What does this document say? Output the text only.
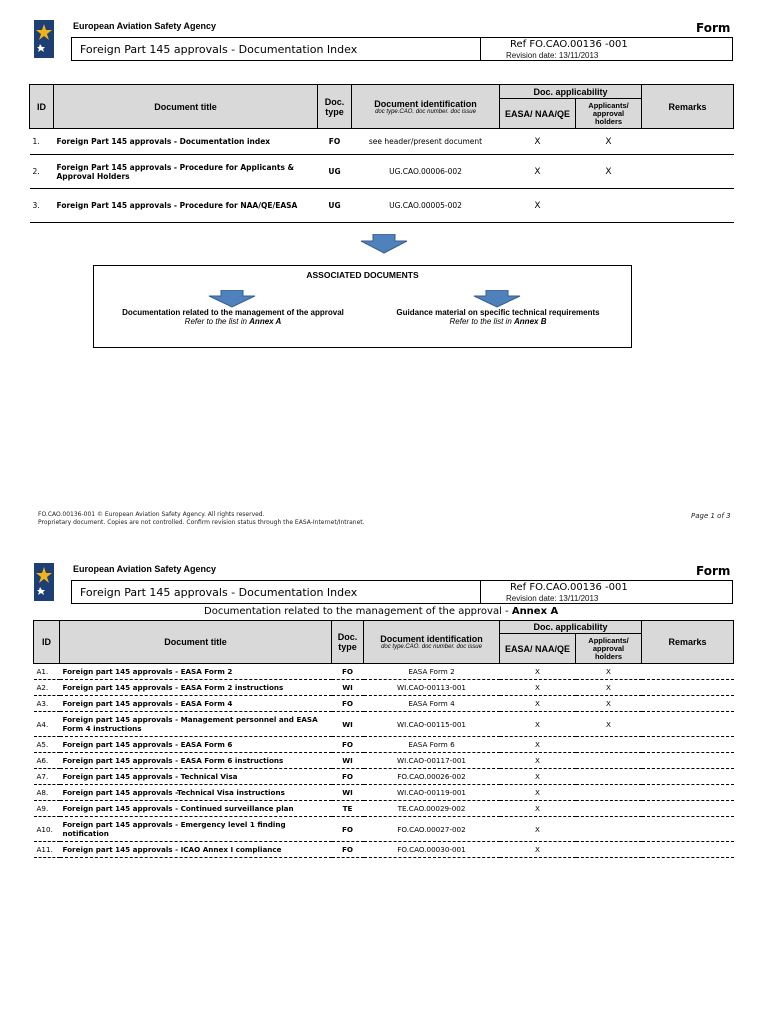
European Aviation Safety Agency	Form
Foreign Part 145 approvals - Documentation Index	Ref FO.CAO.00136 -001
Revision date: 13/11/2013
ID	Document title	Doc.
type	Document identification
doc type.CAO. doc number. doc issue	Doc. applicability		Remarks
				EASA/ NAA/QE	Applicants/
approval
holders	
1.	Foreign Part 145 approvals - Documentation index	FO	see header/present document	X	X	
2.	Foreign Part 145 approvals - Procedure for Applicants & Approval Holders	UG	UG.CAO.00006-002	X	X	
3.	Foreign Part 145 approvals - Procedure for NAA/QE/EASA	UG	UG.CAO.00005-002	X		
ASSOCIATED DOCUMENTS
Documentation related to the management of the approval
Refer to the list in Annex A
Guidance material on specific technical requirements
Refer to the list in Annex B
FO.CAO.00136-001 © European Aviation Safety Agency. All rights reserved.
Proprietary document. Copies are not controlled. Confirm revision status through the EASA-Internet/Intranet.
Page 1 of 3
European Aviation Safety Agency	Form
Foreign Part 145 approvals - Documentation Index	Ref FO.CAO.00136 -001
Revision date: 13/11/2013
Documentation related to the management of the approval - Annex A
ID	Document title	Doc.
type	Document identification
doc type.CAO. doc number. doc issue	Doc. applicability		Remarks
				EASA/ NAA/QE	Applicants/
approval
holders	
A1.	Foreign part 145 approvals - EASA Form 2	FO	EASA Form 2	X	X	
A2.	Foreign part 145 approvals - EASA Form 2 instructions	WI	WI.CAO-00113-001	X	X	
A3.	Foreign part 145 approvals - EASA Form 4	FO	EASA Form 4	X	X	
A4.	Foreign part 145 approvals - Management personnel and EASA Form 4 instructions	WI	WI.CAO-00115-001	X	X	
A5.	Foreign part 145 approvals - EASA Form 6	FO	EASA Form 6	X		
A6.	Foreign part 145 approvals - EASA Form 6 instructions	WI	WI.CAO-00117-001	X		
A7.	Foreign part 145 approvals - Technical Visa	FO	FO.CAO.00026-002	X		
A8.	Foreign part 145 approvals -Technical Visa instructions	WI	WI.CAO-00119-001	X		
A9.	Foreign part 145 approvals - Continued surveillance plan	TE	TE.CAO.00029-002	X		
A10.	Foreign part 145 approvals - Emergency level 1 finding notification	FO	FO.CAO.00027-002	X		
A11.	Foreign part 145 approvals - ICAO Annex I compliance	FO	FO.CAO.00030-001	X		
